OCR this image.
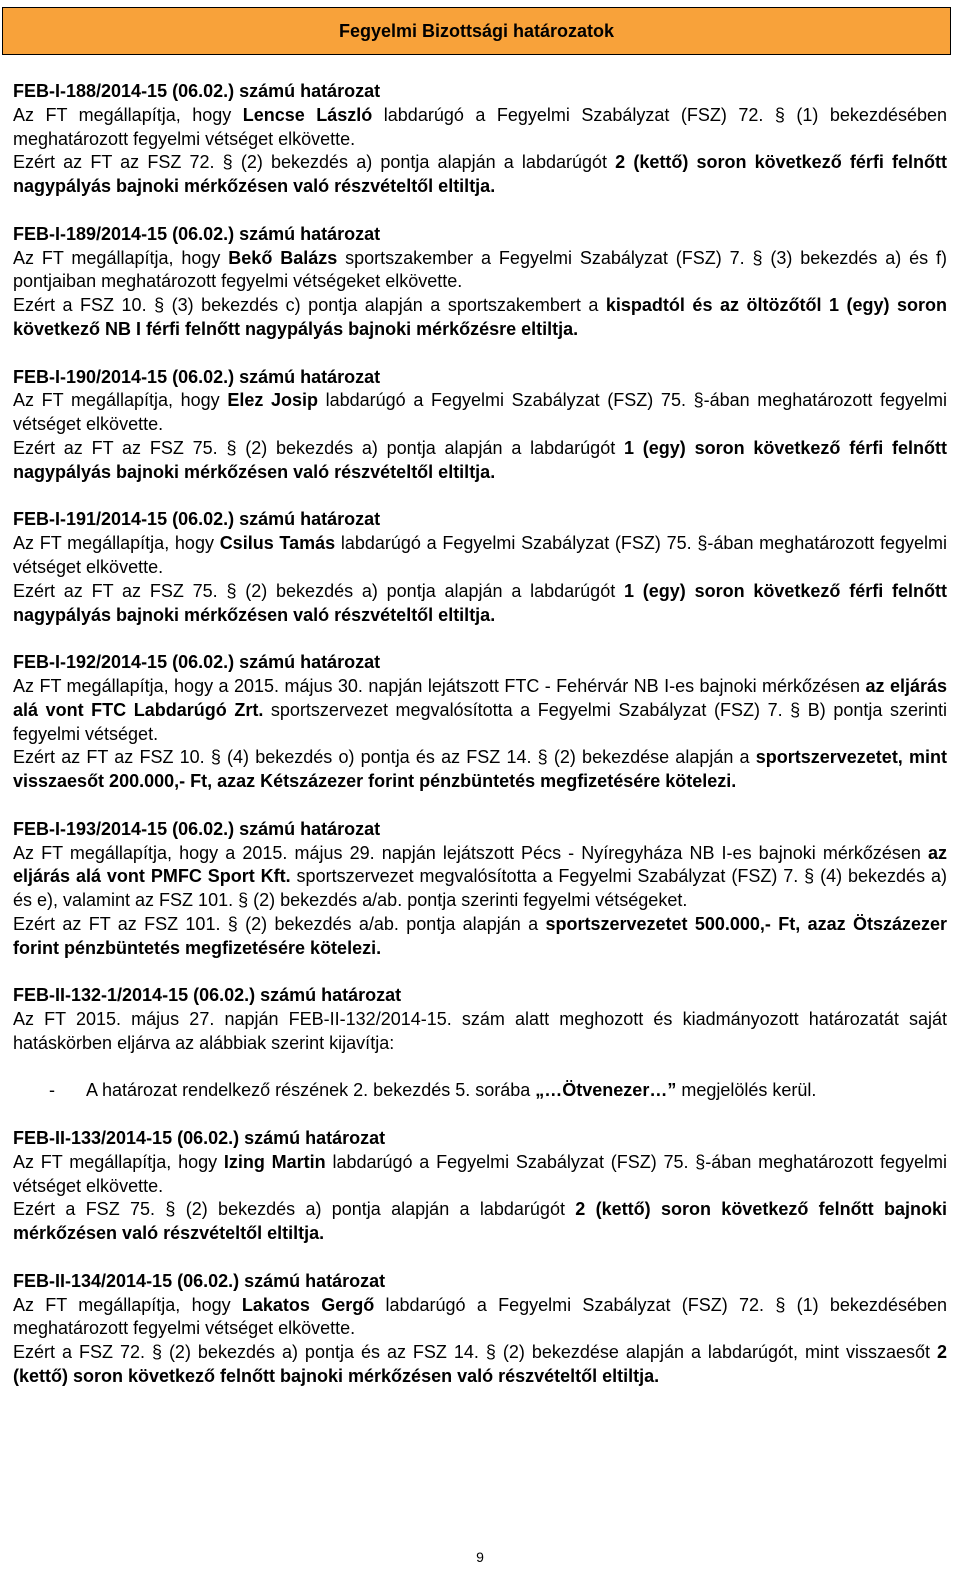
Fegyelmi Bizottsági határozatok
FEB-I-188/2014-15 (06.02.) számú határozat

Az FT megállapítja, hogy Lencse László labdarúgó a Fegyelmi Szabályzat (FSZ) 72. § (1) bekezdésében meghatározott fegyelmi vétséget elkövette.

Ezért az FT az FSZ 72. § (2) bekezdés a) pontja alapján a labdarúgót 2 (kettő) soron következő férfi felnőtt nagypályás bajnoki mérkőzésen való részvételtől eltiltja.

FEB-I-189/2014-15 (06.02.) számú határozat

Az FT megállapítja, hogy Bekő Balázs sportszakember a Fegyelmi Szabályzat (FSZ) 7. § (3) bekezdés a) és f) pontjaiban meghatározott fegyelmi vétségeket elkövette.

Ezért a FSZ 10. § (3) bekezdés c) pontja alapján a sportszakembert a kispadtól és az öltözőtől 1 (egy) soron következő NB I férfi felnőtt nagypályás bajnoki mérkőzésre eltiltja.

FEB-I-190/2014-15 (06.02.) számú határozat

Az FT megállapítja, hogy Elez Josip labdarúgó a Fegyelmi Szabályzat (FSZ) 75. §-ában meghatározott fegyelmi vétséget elkövette.

Ezért az FT az FSZ 75. § (2) bekezdés a) pontja alapján a labdarúgót 1 (egy) soron következő férfi felnőtt nagypályás bajnoki mérkőzésen való részvételtől eltiltja.

FEB-I-191/2014-15 (06.02.) számú határozat

Az FT megállapítja, hogy Csilus Tamás labdarúgó a Fegyelmi Szabályzat (FSZ) 75. §-ában meghatározott fegyelmi vétséget elkövette.

Ezért az FT az FSZ 75. § (2) bekezdés a) pontja alapján a labdarúgót 1 (egy) soron következő férfi felnőtt nagypályás bajnoki mérkőzésen való részvételtől eltiltja.

FEB-I-192/2014-15 (06.02.) számú határozat

Az FT megállapítja, hogy a 2015. május 30. napján lejátszott FTC - Fehérvár NB I-es bajnoki mérkőzésen az eljárás alá vont FTC Labdarúgó Zrt. sportszervezet megvalósította a Fegyelmi Szabályzat (FSZ) 7. § B) pontja szerinti fegyelmi vétséget.

Ezért az FT az FSZ 10. § (4) bekezdés o) pontja és az FSZ 14. § (2) bekezdése alapján a sportszervezetet, mint visszaesőt 200.000,- Ft, azaz Kétszázezer forint pénzbüntetés megfizetésére kötelezi.

FEB-I-193/2014-15 (06.02.) számú határozat

Az FT megállapítja, hogy a 2015. május 29. napján lejátszott Pécs - Nyíregyháza NB I-es bajnoki mérkőzésen az eljárás alá vont PMFC Sport Kft. sportszervezet megvalósította a Fegyelmi Szabályzat (FSZ) 7. § (4) bekezdés a) és e), valamint az FSZ 101. § (2) bekezdés a/ab. pontja szerinti fegyelmi vétségeket.

Ezért az FT az FSZ 101. § (2) bekezdés a/ab. pontja alapján a sportszervezetet 500.000,- Ft, azaz Ötszázezer forint pénzbüntetés megfizetésére kötelezi.

FEB-II-132-1/2014-15 (06.02.) számú határozat

Az FT 2015. május 27. napján FEB-II-132/2014-15. szám alatt meghozott és kiadmányozott határozatát saját hatáskörben eljárva az alábbiak szerint kijavítja:

-	A határozat rendelkező részének 2. bekezdés 5. sorába „…Ötvenezer…” megjelölés kerül.
FEB-II-133/2014-15 (06.02.) számú határozat

Az FT megállapítja, hogy Izing Martin labdarúgó a Fegyelmi Szabályzat (FSZ) 75. §-ában meghatározott fegyelmi vétséget elkövette.

Ezért a FSZ 75. § (2) bekezdés a) pontja alapján a labdarúgót 2 (kettő) soron következő felnőtt bajnoki mérkőzésen való részvételtől eltiltja.

FEB-II-134/2014-15 (06.02.) számú határozat

Az FT megállapítja, hogy Lakatos Gergő labdarúgó a Fegyelmi Szabályzat (FSZ) 72. § (1) bekezdésében meghatározott fegyelmi vétséget elkövette.

Ezért a FSZ 72. § (2) bekezdés a) pontja és az FSZ 14. § (2) bekezdése alapján a labdarúgót, mint visszaesőt 2 (kettő) soron következő felnőtt bajnoki mérkőzésen való részvételtől eltiltja.

9
